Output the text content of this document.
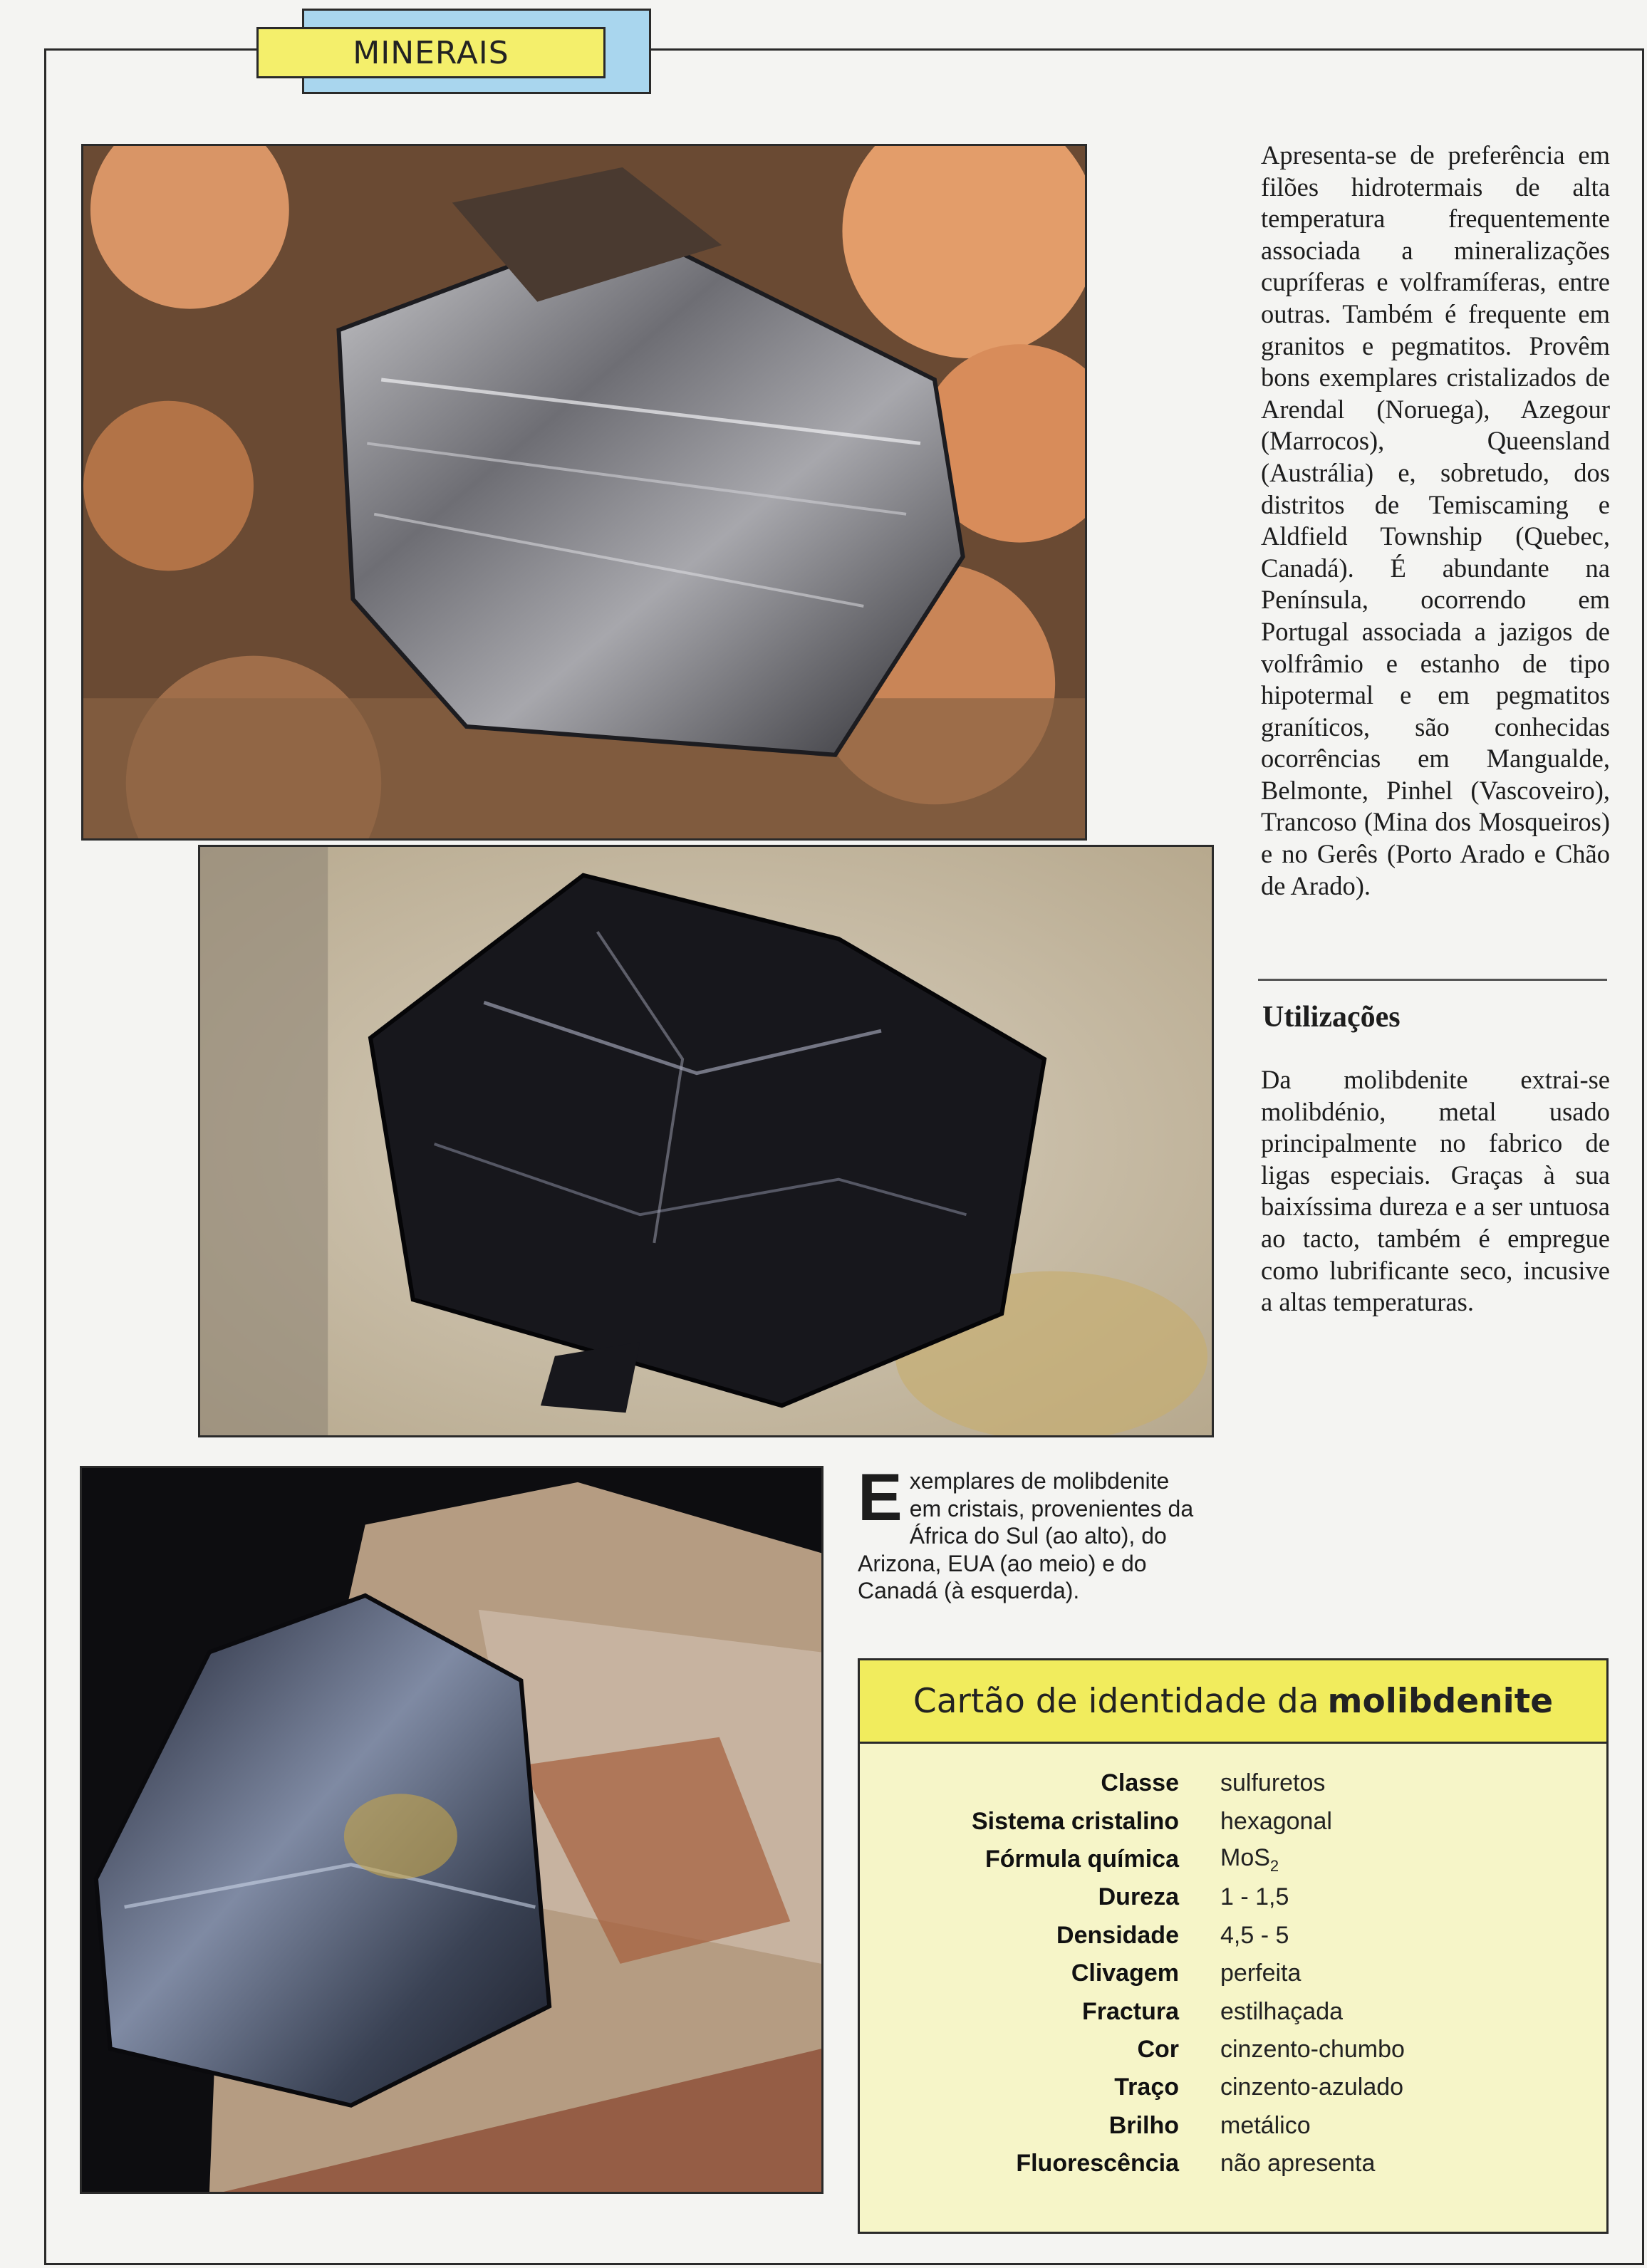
MINERAIS
Apresenta-se de preferência em filões hidrotermais de alta temperatura frequentemente associada a mineralizações cupríferas e volframíferas, entre outras. Também é frequente em granitos e pegmatitos. Provêm bons exemplares cristalizados de Arendal (Noruega), Azegour (Marrocos), Queensland (Austrália) e, sobretudo, dos distritos de Temiscaming e Aldfield Township (Quebec, Canadá). É abundante na Península, ocorrendo em Portugal associada a jazigos de volfrâmio e estanho de tipo hipotermal e em pegmatitos graníticos, são conhecidas ocorrências em Mangualde, Belmonte, Pinhel (Vascoveiro), Trancoso (Mina dos Mosqueiros) e no Gerês (Porto Arado e Chão de Arado).
Utilizações
Da molibdenite extrai-se molibdénio, metal usado principalmente no fabrico de ligas especiais. Graças à sua baixíssima dureza e a ser untuosa ao tacto, também é empregue como lubrificante seco, incusive a altas temperaturas.
Exemplares de molibdenite em cristais, provenientes da África do Sul (ao alto), do Arizona, EUA (ao meio) e do Canadá (à esquerda).
Cartão de identidade da molibdenite
Classe sulfuretos
Sistema cristalino hexagonal
Fórmula química MoS$_2$
Dureza 1 - 1,5
Densidade 4,5 - 5
Clivagem perfeita
Fractura estilhaçada
Cor cinzento-chumbo
Traço cinzento-azulado
Brilho metálico
Fluorescência não apresenta
